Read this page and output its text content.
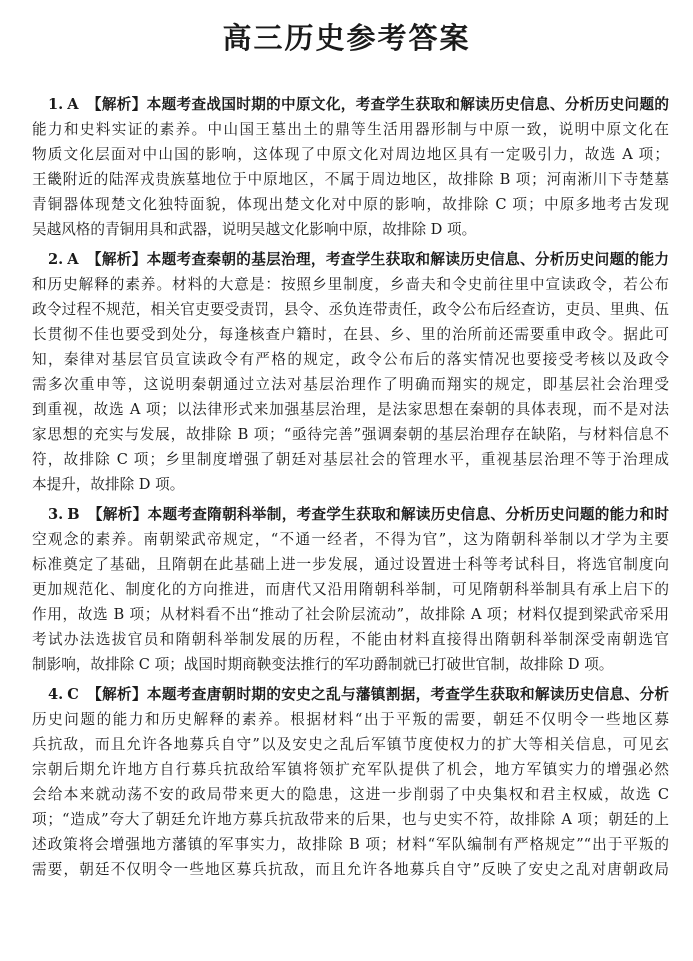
高三历史参考答案
1. A 【解析】本题考查战国时期的中原文化，考查学生获取和解读历史信息、分析历史问题的
能力和史料实证的素养。中山国王墓出土的鼎等生活用器形制与中原一致，说明中原文化在
物质文化层面对中山国的影响，这体现了中原文化对周边地区具有一定吸引力，故选 A 项；
王畿附近的陆浑戎贵族墓地位于中原地区，不属于周边地区，故排除 B 项；河南淅川下寺楚墓
青铜器体现楚文化独特面貌，体现出楚文化对中原的影响，故排除 C 项；中原多地考古发现
吴越风格的青铜用具和武器，说明吴越文化影响中原，故排除 D 项。
2. A 【解析】本题考查秦朝的基层治理，考查学生获取和解读历史信息、分析历史问题的能力
和历史解释的素养。材料的大意是：按照乡里制度，乡啬夫和令史前往里中宣读政令，若公布
政令过程不规范，相关官吏要受责罚，县令、丞负连带责任，政令公布后经查访，吏员、里典、伍
长贯彻不佳也要受到处分，每逢核查户籍时，在县、乡、里的治所前还需要重申政令。据此可
知，秦律对基层官员宣读政令有严格的规定，政令公布后的落实情况也要接受考核以及政令
需多次重申等，这说明秦朝通过立法对基层治理作了明确而翔实的规定，即基层社会治理受
到重视，故选 A 项；以法律形式来加强基层治理，是法家思想在秦朝的具体表现，而不是对法
家思想的充实与发展，故排除 B 项；“亟待完善”强调秦朝的基层治理存在缺陷，与材料信息不
符，故排除 C 项；乡里制度增强了朝廷对基层社会的管理水平，重视基层治理不等于治理成
本提升，故排除 D 项。
3. B 【解析】本题考查隋朝科举制，考查学生获取和解读历史信息、分析历史问题的能力和时
空观念的素养。南朝梁武帝规定，“不通一经者，不得为官”，这为隋朝科举制以才学为主要
标准奠定了基础，且隋朝在此基础上进一步发展，通过设置进士科等考试科目，将选官制度向
更加规范化、制度化的方向推进，而唐代又沿用隋朝科举制，可见隋朝科举制具有承上启下的
作用，故选 B 项；从材料看不出“推动了社会阶层流动”，故排除 A 项；材料仅提到梁武帝采用
考试办法选拔官员和隋朝科举制发展的历程，不能由材料直接得出隋朝科举制深受南朝选官
制影响，故排除 C 项；战国时期商鞅变法推行的军功爵制就已打破世官制，故排除 D 项。
4. C 【解析】本题考查唐朝时期的安史之乱与藩镇割据，考查学生获取和解读历史信息、分析
历史问题的能力和历史解释的素养。根据材料“出于平叛的需要，朝廷不仅明令一些地区募
兵抗敌，而且允许各地募兵自守”以及安史之乱后军镇节度使权力的扩大等相关信息，可见玄
宗朝后期允许地方自行募兵抗敌给军镇将领扩充军队提供了机会，地方军镇实力的增强必然
会给本来就动荡不安的政局带来更大的隐患，这进一步削弱了中央集权和君主权威，故选 C
项；“造成”夸大了朝廷允许地方募兵抗敌带来的后果，也与史实不符，故排除 A 项；朝廷的上
述政策将会增强地方藩镇的军事实力，故排除 B 项；材料“军队编制有严格规定”“出于平叛的
需要，朝廷不仅明令一些地区募兵抗敌，而且允许各地募兵自守”反映了安史之乱对唐朝政局
